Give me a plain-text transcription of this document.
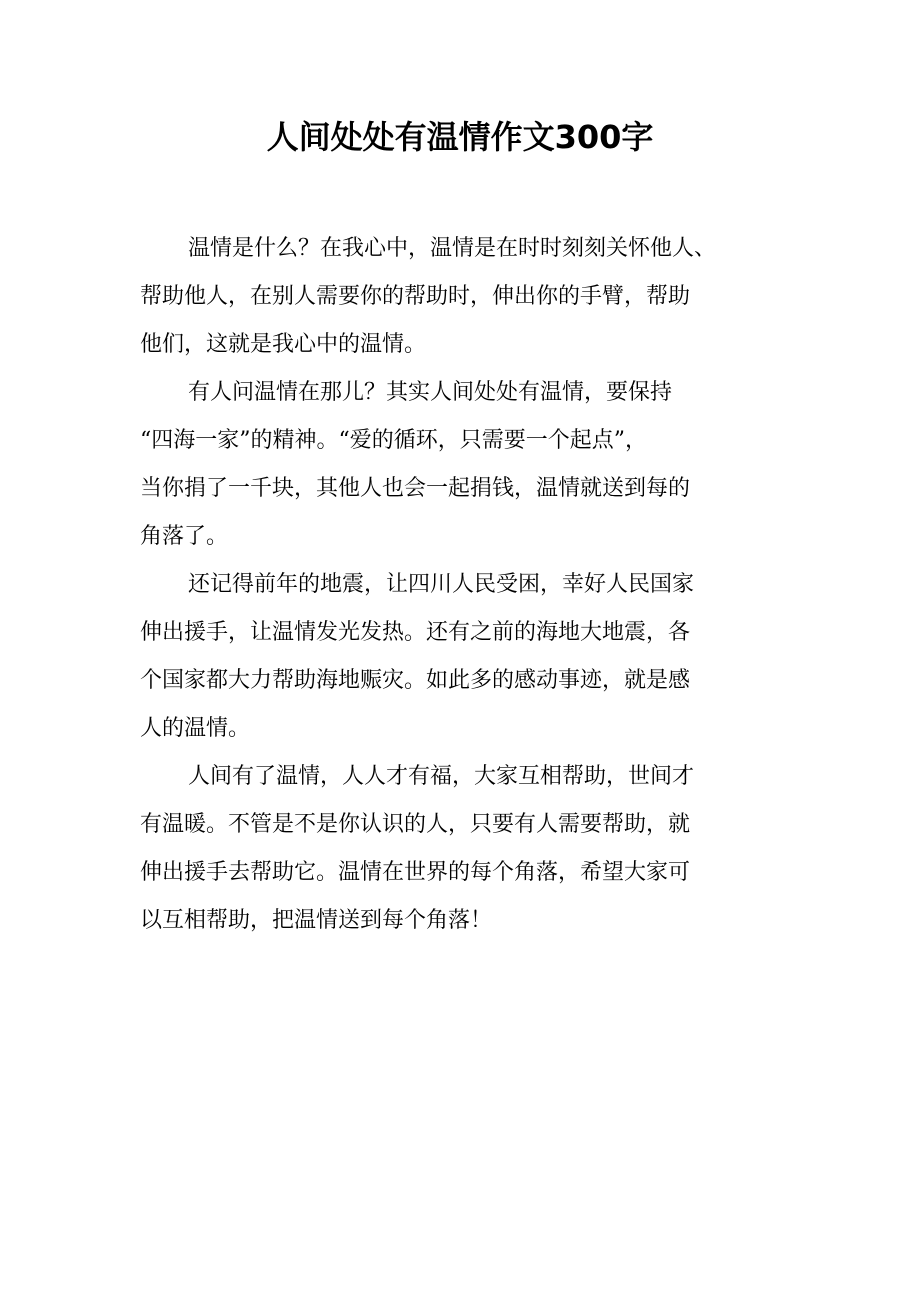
人间处处有温情作文300字

温情是什么？在我心中，温情是在时时刻刻关怀他人、
帮助他人，在别人需要你的帮助时，伸出你的手臂，帮助
他们，这就是我心中的温情。

有人问温情在那儿？其实人间处处有温情，要保持
“四海一家”的精神。“爱的循环，只需要一个起点”，
当你捐了一千块，其他人也会一起捐钱，温情就送到每的
角落了。

还记得前年的地震，让四川人民受困，幸好人民国家
伸出援手，让温情发光发热。还有之前的海地大地震，各
个国家都大力帮助海地赈灾。如此多的感动事迹，就是感
人的温情。

人间有了温情，人人才有福，大家互相帮助，世间才
有温暖。不管是不是你认识的人，只要有人需要帮助，就
伸出援手去帮助它。温情在世界的每个角落，希望大家可
以互相帮助，把温情送到每个角落！
